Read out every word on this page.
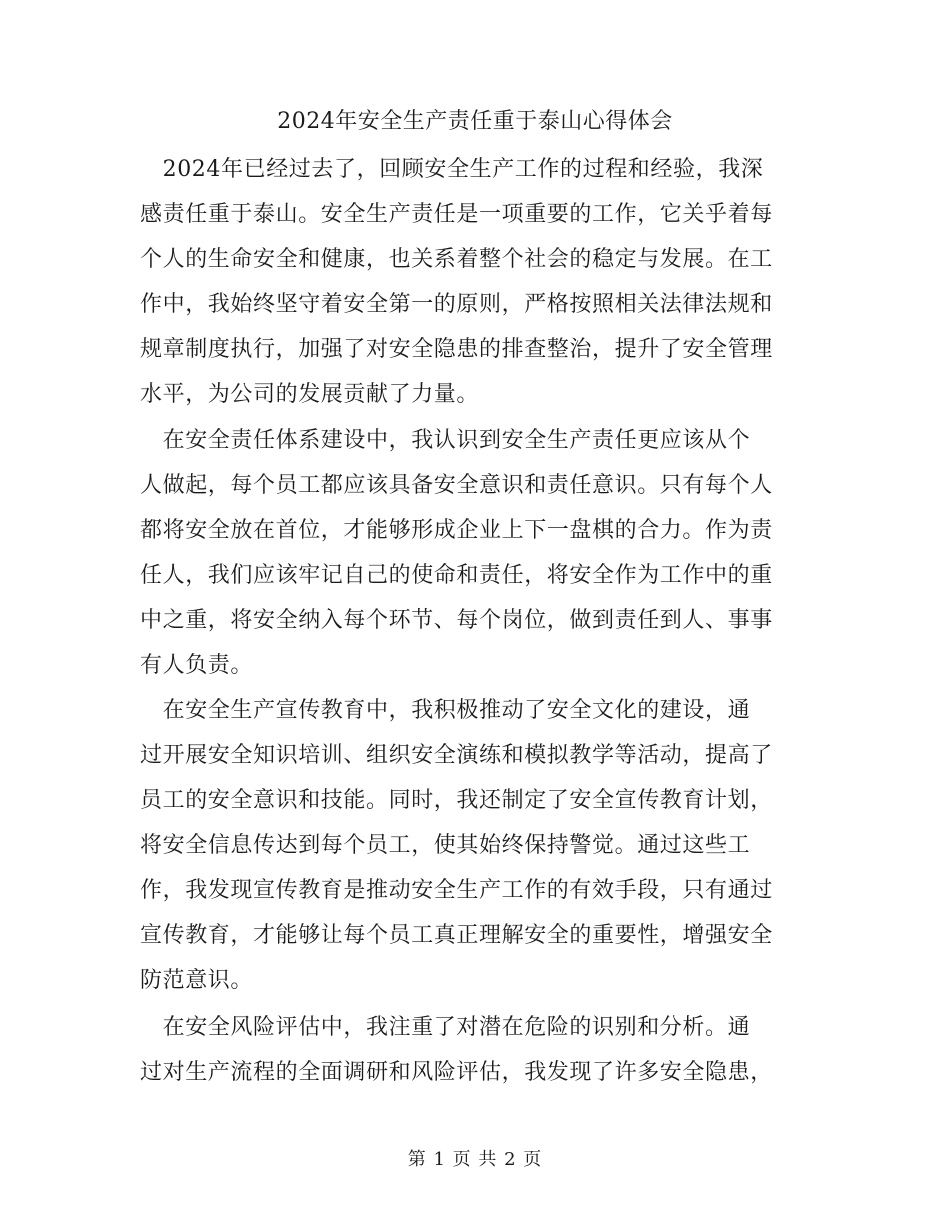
2024年安全生产责任重于泰山心得体会
　2024年已经过去了，回顾安全生产工作的过程和经验，我深
感责任重于泰山。安全生产责任是一项重要的工作，它关乎着每
个人的生命安全和健康，也关系着整个社会的稳定与发展。在工
作中，我始终坚守着安全第一的原则，严格按照相关法律法规和
规章制度执行，加强了对安全隐患的排查整治，提升了安全管理
水平，为公司的发展贡献了力量。
　在安全责任体系建设中，我认识到安全生产责任更应该从个
人做起，每个员工都应该具备安全意识和责任意识。只有每个人
都将安全放在首位，才能够形成企业上下一盘棋的合力。作为责
任人，我们应该牢记自己的使命和责任，将安全作为工作中的重
中之重，将安全纳入每个环节、每个岗位，做到责任到人、事事
有人负责。
　在安全生产宣传教育中，我积极推动了安全文化的建设，通
过开展安全知识培训、组织安全演练和模拟教学等活动，提高了
员工的安全意识和技能。同时，我还制定了安全宣传教育计划，
将安全信息传达到每个员工，使其始终保持警觉。通过这些工
作，我发现宣传教育是推动安全生产工作的有效手段，只有通过
宣传教育，才能够让每个员工真正理解安全的重要性，增强安全
防范意识。
　在安全风险评估中，我注重了对潜在危险的识别和分析。通
过对生产流程的全面调研和风险评估，我发现了许多安全隐患，
第 1 页 共 2 页
